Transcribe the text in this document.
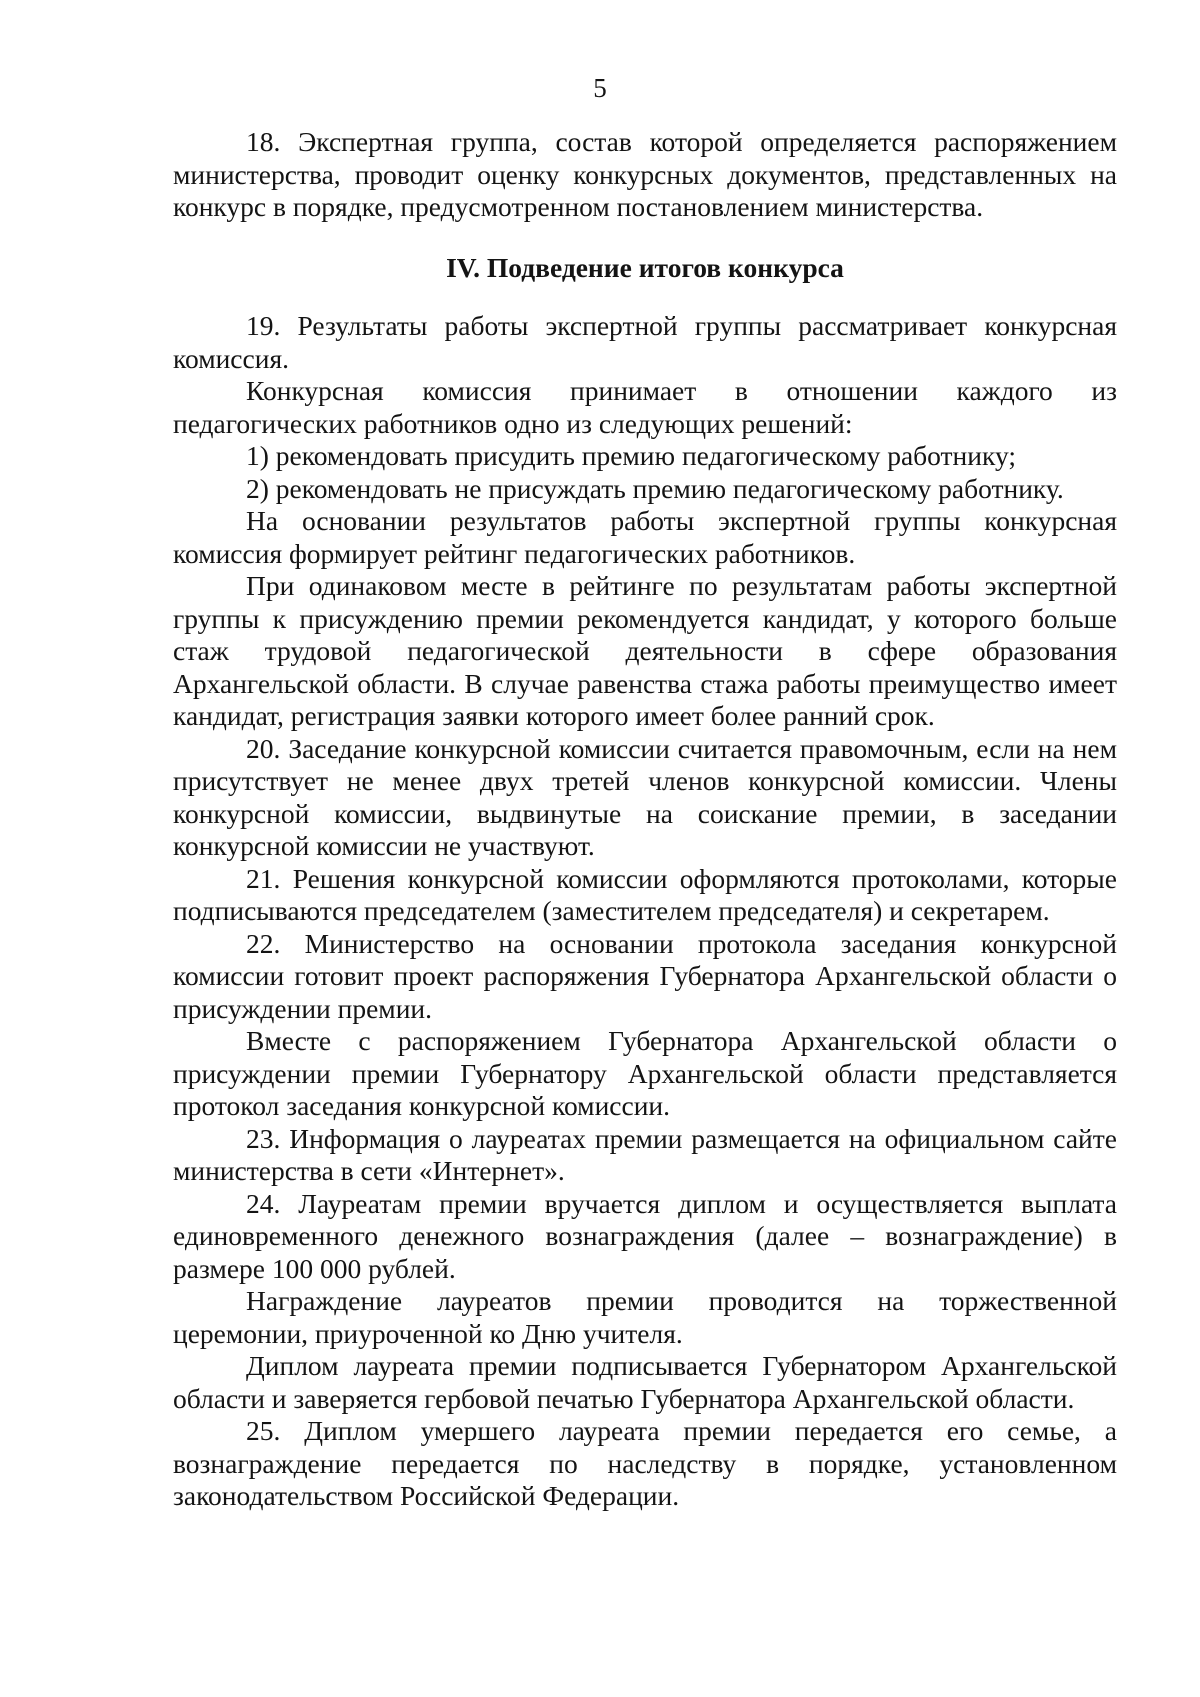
5

18. Экспертная группа, состав которой определяется распоряжением министерства, проводит оценку конкурсных документов, представленных на конкурс в порядке, предусмотренном постановлением министерства.

IV. Подведение итогов конкурса

19. Результаты работы экспертной группы рассматривает конкурсная комиссия.

Конкурсная комиссия принимает в отношении каждого из педагогических работников одно из следующих решений:

1) рекомендовать присудить премию педагогическому работнику;

2) рекомендовать не присуждать премию педагогическому работнику.

На основании результатов работы экспертной группы конкурсная комиссия формирует рейтинг педагогических работников.

При одинаковом месте в рейтинге по результатам работы экспертной группы к присуждению премии рекомендуется кандидат, у которого больше стаж трудовой педагогической деятельности в сфере образования Архангельской области. В случае равенства стажа работы преимущество имеет кандидат, регистрация заявки которого имеет более ранний срок.

20. Заседание конкурсной комиссии считается правомочным, если на нем присутствует не менее двух третей членов конкурсной комиссии. Члены конкурсной комиссии, выдвинутые на соискание премии, в заседании конкурсной комиссии не участвуют.

21. Решения конкурсной комиссии оформляются протоколами, которые подписываются председателем (заместителем председателя) и секретарем.

22. Министерство на основании протокола заседания конкурсной комиссии готовит проект распоряжения Губернатора Архангельской области о присуждении премии.

Вместе с распоряжением Губернатора Архангельской области о присуждении премии Губернатору Архангельской области представляется протокол заседания конкурсной комиссии.

23. Информация о лауреатах премии размещается на официальном сайте министерства в сети «Интернет».

24. Лауреатам премии вручается диплом и осуществляется выплата единовременного денежного вознаграждения (далее – вознаграждение) в размере 100 000 рублей.

Награждение лауреатов премии проводится на торжественной церемонии, приуроченной ко Дню учителя.

Диплом лауреата премии подписывается Губернатором Архангельской области и заверяется гербовой печатью Губернатора Архангельской области.

25. Диплом умершего лауреата премии передается его семье, а вознаграждение передается по наследству в порядке, установленном законодательством Российской Федерации.
